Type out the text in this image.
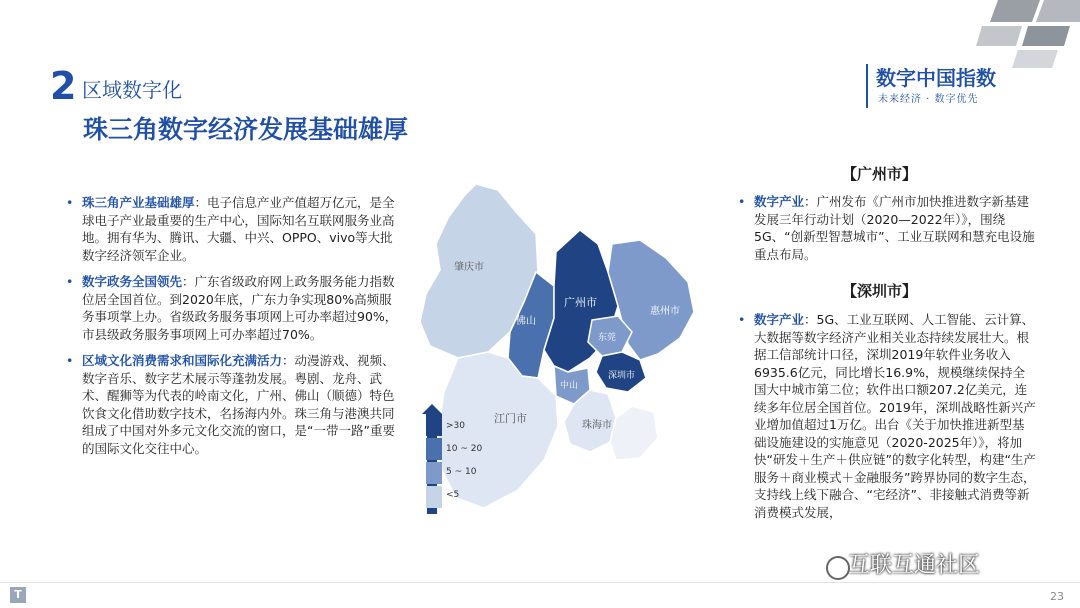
2 区域数字化
珠三角数字经济发展基础雄厚
数字中国指数
未来经济 · 数字优先
• 珠三角产业基础雄厚：电子信息产业产值超万亿元，是全球电子产业最重要的生产中心，国际知名互联网服务业高地。拥有华为、腾讯、大疆、中兴、OPPO、vivo等大批数字经济领军企业。
• 数字政务全国领先：广东省级政府网上政务服务能力指数位居全国首位。到2020年底，广东力争实现80%高频服务事项掌上办。省级政务服务事项网上可办率超过90%，市县级政务服务事项网上可办率超过70%。
• 区域文化消费需求和国际化充满活力：动漫游戏、视频、数字音乐、数字艺术展示等蓬勃发展。粤剧、龙舟、武术、醒狮等为代表的岭南文化，广州、佛山（顺德）特色饮食文化借助数字技术，名扬海内外。珠三角与港澳共同组成了中国对外多元文化交流的窗口，是“一带一路”重要的国际文化交往中心。
肇庆市
广州市
佛山
惠州市
东莞
中山
深圳市
江门市
珠海市
>30
10 ~ 20
5 ~ 10
<5
【广州市】
• 数字产业：广州发布《广州市加快推进数字新基建发展三年行动计划（2020—2022年）》，围绕5G、“创新型智慧城市”、工业互联网和慧充电设施重点布局。
【深圳市】
• 数字产业：5G、工业互联网、人工智能、云计算、大数据等数字经济产业相关业态持续发展壮大。根据工信部统计口径，深圳2019年软件业务收入6935.6亿元，同比增长16.9%，规模继续保持全国大中城市第二位；软件出口额207.2亿美元，连续多年位居全国首位。2019年，深圳战略性新兴产业增加值超过1万亿。出台《关于加快推进新型基础设施建设的实施意见（2020-2025年）》，将加快“研发＋生产＋供应链”的数字化转型，构建“生产服务＋商业模式＋金融服务”跨界协同的数字生态，支持线上线下融合、“宅经济”、非接触式消费等新消费模式发展，
互联互通社区
T	23
